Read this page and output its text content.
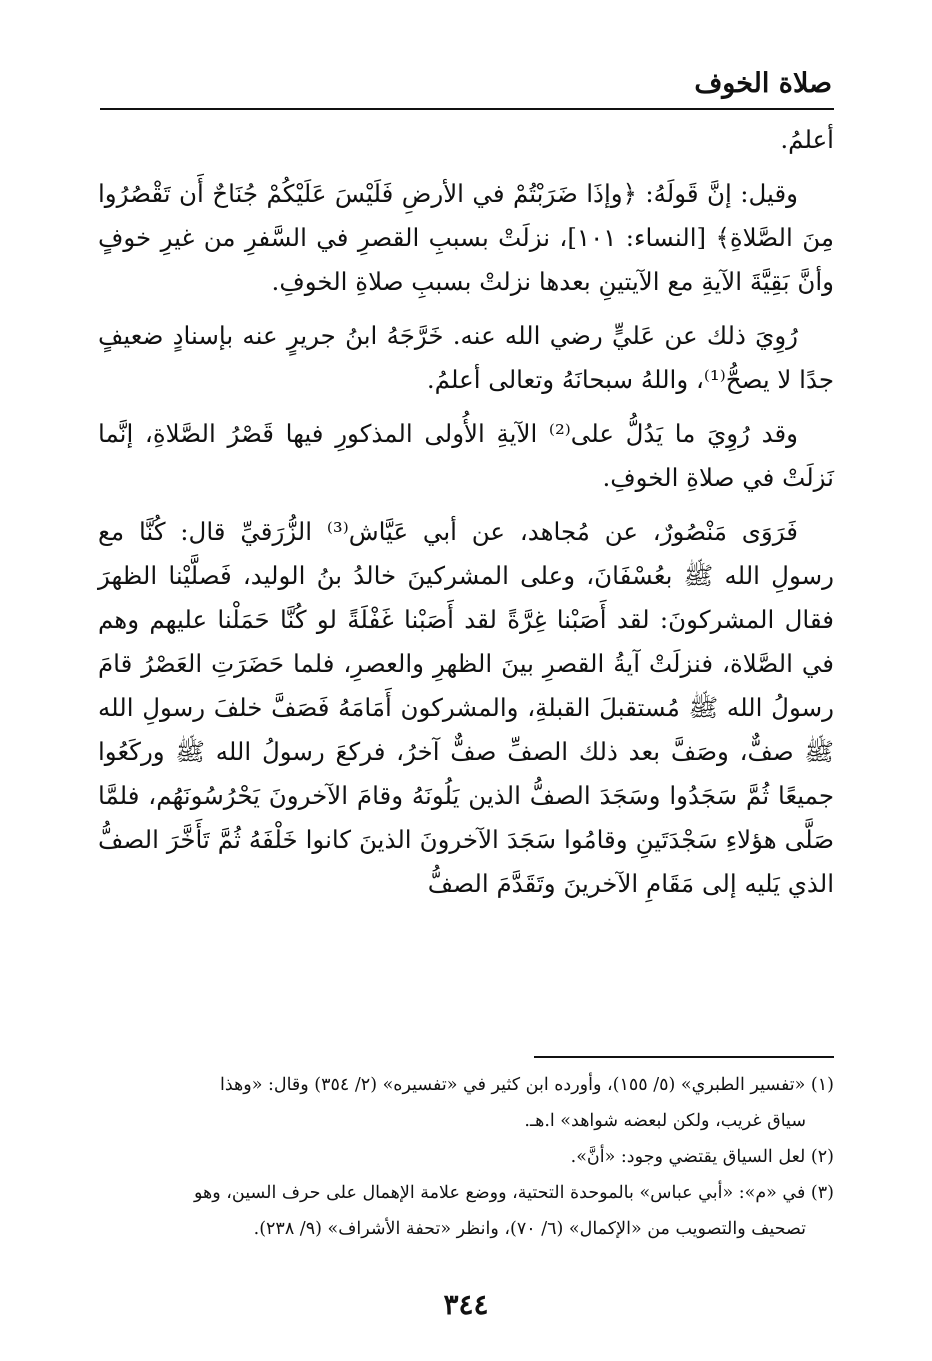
صلاة الخوف

أعلمُ.

وقيل: إنَّ قَولَهُ: ﴿وإذَا ضَرَبْتُمْ في الأرضِ فَلَيْسَ عَلَيْكُمْ جُنَاحٌ أَن تَقْصُرُوا مِنَ الصَّلاةِ﴾ [النساء: ١٠١]، نزلَتْ بسببِ القصرِ في السَّفرِ من غيرِ خوفٍ وأنَّ بَقِيَّةَ الآيةِ مع الآيتينِ بعدها نزلتْ بسببِ صلاةِ الخوفِ.

رُوِيَ ذلك عن عَليٍّ رضي الله عنه. خَرَّجَهُ ابنُ جريرٍ عنه بإسنادٍ ضعيفٍ جدًا لا يصحُّ⁽¹⁾، واللهُ سبحانَهُ وتعالى أعلمُ.

وقد رُوِيَ ما يَدُلُّ على⁽²⁾ الآيةِ الأُولى المذكورِ فيها قَصْرُ الصَّلاةِ، إنَّما نَزلَتْ في صلاةِ الخوفِ.

فَرَوَى مَنْصُورٌ، عن مُجاهد، عن أبي عَيَّاش⁽³⁾ الزُّرَقيِّ قال: كُنَّا مع رسولِ الله ﷺ بعُسْفَانَ، وعلى المشركينَ خالدُ بنُ الوليد، فَصلَّيْنا الظهرَ فقال المشركونَ: لقد أَصَبْنا غِرَّةً لقد أَصَبْنا غَفْلَةً لو كُنَّا حَمَلْنا عليهم وهم في الصَّلاة، فنزلَتْ آيةُ القصرِ بينَ الظهرِ والعصرِ، فلما حَضَرَتِ العَصْرُ قامَ رسولُ الله ﷺ مُستقبلَ القبلةِ، والمشركون أَمَامَهُ فَصَفَّ خلفَ رسولِ الله ﷺ صفٌّ، وصَفَّ بعد ذلك الصفِّ صفٌّ آخرُ، فركعَ رسولُ الله ﷺ وركَعُوا جميعًا ثُمَّ سَجَدُوا وسَجَدَ الصفُّ الذين يَلُونَهُ وقامَ الآخرونَ يَحْرُسُونَهُم، فلمَّا صَلَّى هؤلاءِ سَجْدَتَينِ وقامُوا سَجَدَ الآخرونَ الذينَ كانوا خَلْفَهُ ثُمَّ تَأَخَّرَ الصفُّ الذي يَليه إلى مَقَامِ الآخرينَ وتَقَدَّمَ الصفُّ

(١) «تفسير الطبري» (٥/ ١٥٥)، وأورده ابن كثير في «تفسيره» (٢/ ٣٥٤) وقال: «وهذا

سياق غريب، ولكن لبعضه شواهد» ا.هـ.

(٢) لعل السياق يقتضي وجود: «أنَّ».

(٣) في «م»: «أبي عباس» بالموحدة التحتية، ووضع علامة الإهمال على حرف السين، وهو

تصحيف والتصويب من «الإكمال» (٦/ ٧٠)، وانظر «تحفة الأشراف» (٩/ ٢٣٨).

٣٤٤
